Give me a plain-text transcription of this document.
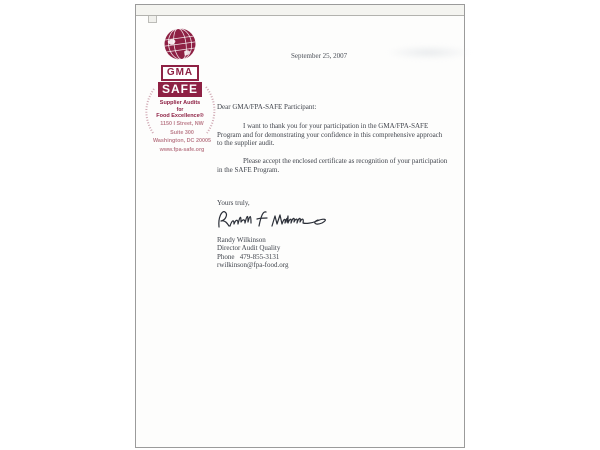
GMA
SAFE
Supplier Audits
for
Food Excellence®
1150 I Street, NW
Suite 300
Washington, DC 20005
www.fpa-safe.org
September 25, 2007
Dear GMA/FPA-SAFE Participant:
I want to thank you for your participation in the GMA/FPA-SAFE
Program and for demonstrating your confidence in this comprehensive approach
to the supplier audit.
Please accept the enclosed certificate as recognition of your participation
in the SAFE Program.
Yours truly,
Randy Wilkinson
Director Audit Quality
Phone   479-855-3131
rwilkinson@fpa-food.org
